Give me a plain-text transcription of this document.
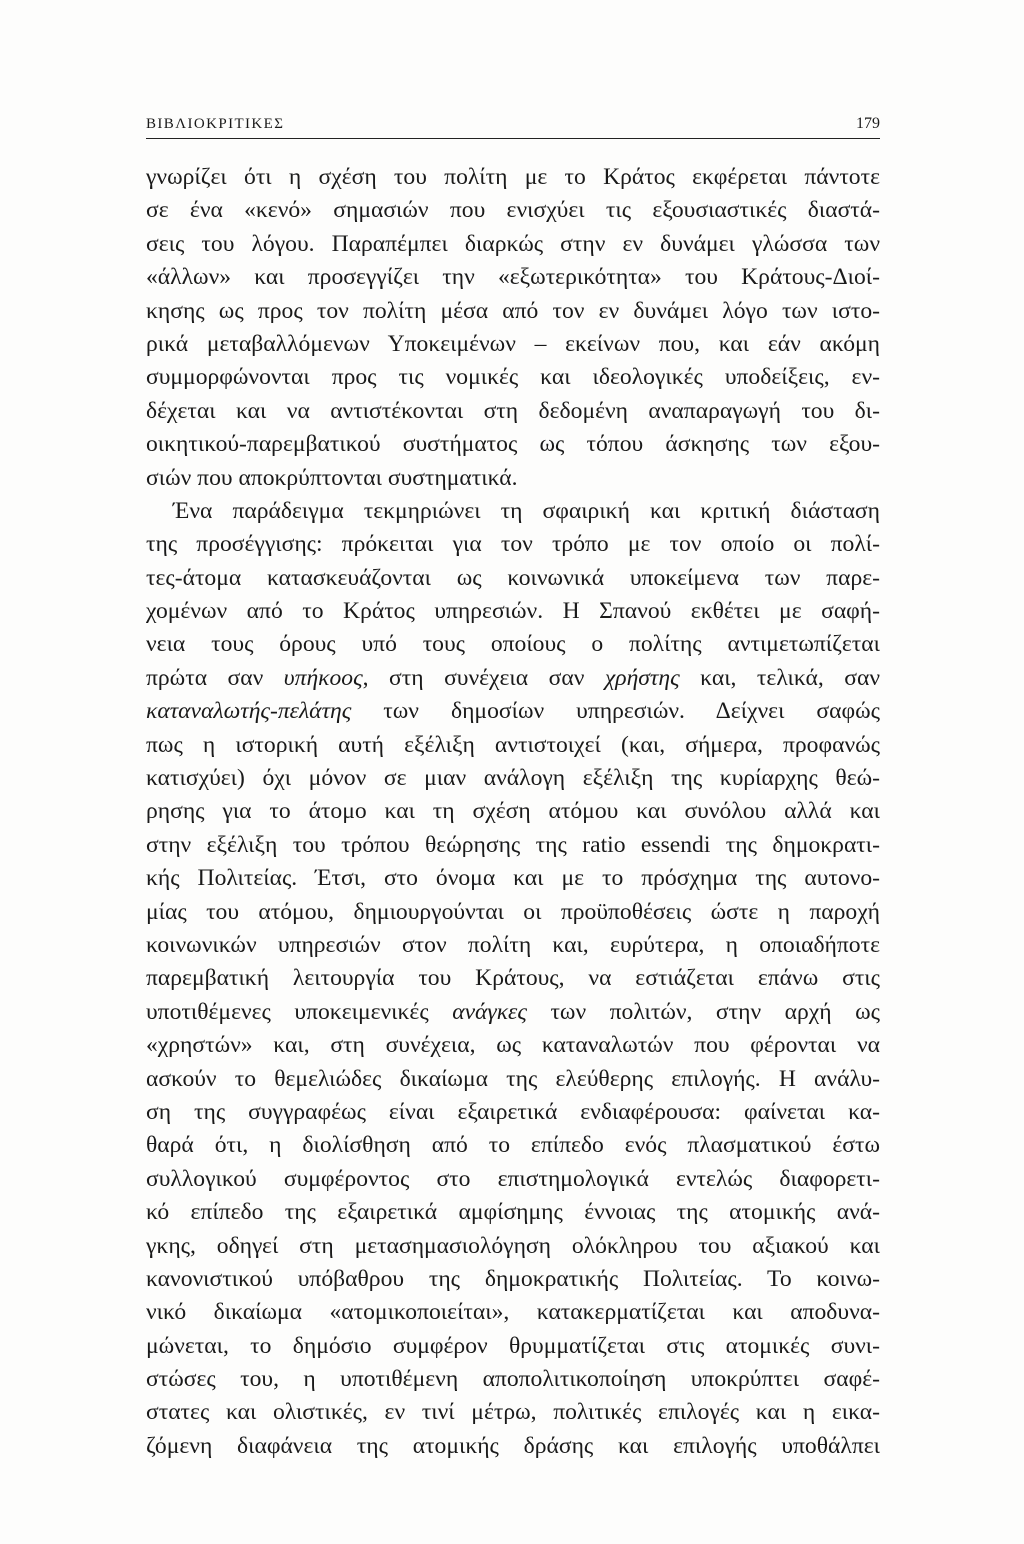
ΒΙΒΛΙΟΚΡΙΤΙΚΕΣ	179
γνωρίζει ότι η σχέση του πολίτη με το Κράτος εκφέρεται πάντοτε
σε ένα «κενό» σημασιών που ενισχύει τις εξουσιαστικές διαστά-
σεις του λόγου. Παραπέμπει διαρκώς στην εν δυνάμει γλώσσα των
«άλλων» και προσεγγίζει την «εξωτερικότητα» του Κράτους-Διοί-
κησης ως προς τον πολίτη μέσα από τον εν δυνάμει λόγο των ιστο-
ρικά μεταβαλλόμενων Υποκειμένων – εκείνων που, και εάν ακόμη
συμμορφώνονται προς τις νομικές και ιδεολογικές υποδείξεις, εν-
δέχεται και να αντιστέκονται στη δεδομένη αναπαραγωγή του δι-
οικητικού-παρεμβατικού συστήματος ως τόπου άσκησης των εξου-
σιών που αποκρύπτονται συστηματικά.
Ένα παράδειγμα τεκμηριώνει τη σφαιρική και κριτική διάσταση
της προσέγγισης: πρόκειται για τον τρόπο με τον οποίο οι πολί-
τες-άτομα κατασκευάζονται ως κοινωνικά υποκείμενα των παρε-
χομένων από το Κράτος υπηρεσιών. Η Σπανού εκθέτει με σαφή-
νεια τους όρους υπό τους οποίους ο πολίτης αντιμετωπίζεται
πρώτα σαν υπήκοος, στη συνέχεια σαν χρήστης και, τελικά, σαν
καταναλωτής-πελάτης των δημοσίων υπηρεσιών. Δείχνει σαφώς
πως η ιστορική αυτή εξέλιξη αντιστοιχεί (και, σήμερα, προφανώς
κατισχύει) όχι μόνον σε μιαν ανάλογη εξέλιξη της κυρίαρχης θεώ-
ρησης για το άτομο και τη σχέση ατόμου και συνόλου αλλά και
στην εξέλιξη του τρόπου θεώρησης της ratio essendi της δημοκρατι-
κής Πολιτείας. Έτσι, στο όνομα και με το πρόσχημα της αυτονο-
μίας του ατόμου, δημιουργούνται οι προϋποθέσεις ώστε η παροχή
κοινωνικών υπηρεσιών στον πολίτη και, ευρύτερα, η οποιαδήποτε
παρεμβατική λειτουργία του Κράτους, να εστιάζεται επάνω στις
υποτιθέμενες υποκειμενικές ανάγκες των πολιτών, στην αρχή ως
«χρηστών» και, στη συνέχεια, ως καταναλωτών που φέρονται να
ασκούν το θεμελιώδες δικαίωμα της ελεύθερης επιλογής. Η ανάλυ-
ση της συγγραφέως είναι εξαιρετικά ενδιαφέρουσα: φαίνεται κα-
θαρά ότι, η διολίσθηση από το επίπεδο ενός πλασματικού έστω
συλλογικού συμφέροντος στο επιστημολογικά εντελώς διαφορετι-
κό επίπεδο της εξαιρετικά αμφίσημης έννοιας της ατομικής ανά-
γκης, οδηγεί στη μετασημασιολόγηση ολόκληρου του αξιακού και
κανονιστικού υπόβαθρου της δημοκρατικής Πολιτείας. Το κοινω-
νικό δικαίωμα «ατομικοποιείται», κατακερματίζεται και αποδυνα-
μώνεται, το δημόσιο συμφέρον θρυμματίζεται στις ατομικές συνι-
στώσες του, η υποτιθέμενη αποπολιτικοποίηση υποκρύπτει σαφέ-
στατες και ολιστικές, εν τινί μέτρω, πολιτικές επιλογές και η εικα-
ζόμενη διαφάνεια της ατομικής δράσης και επιλογής υποθάλπει
